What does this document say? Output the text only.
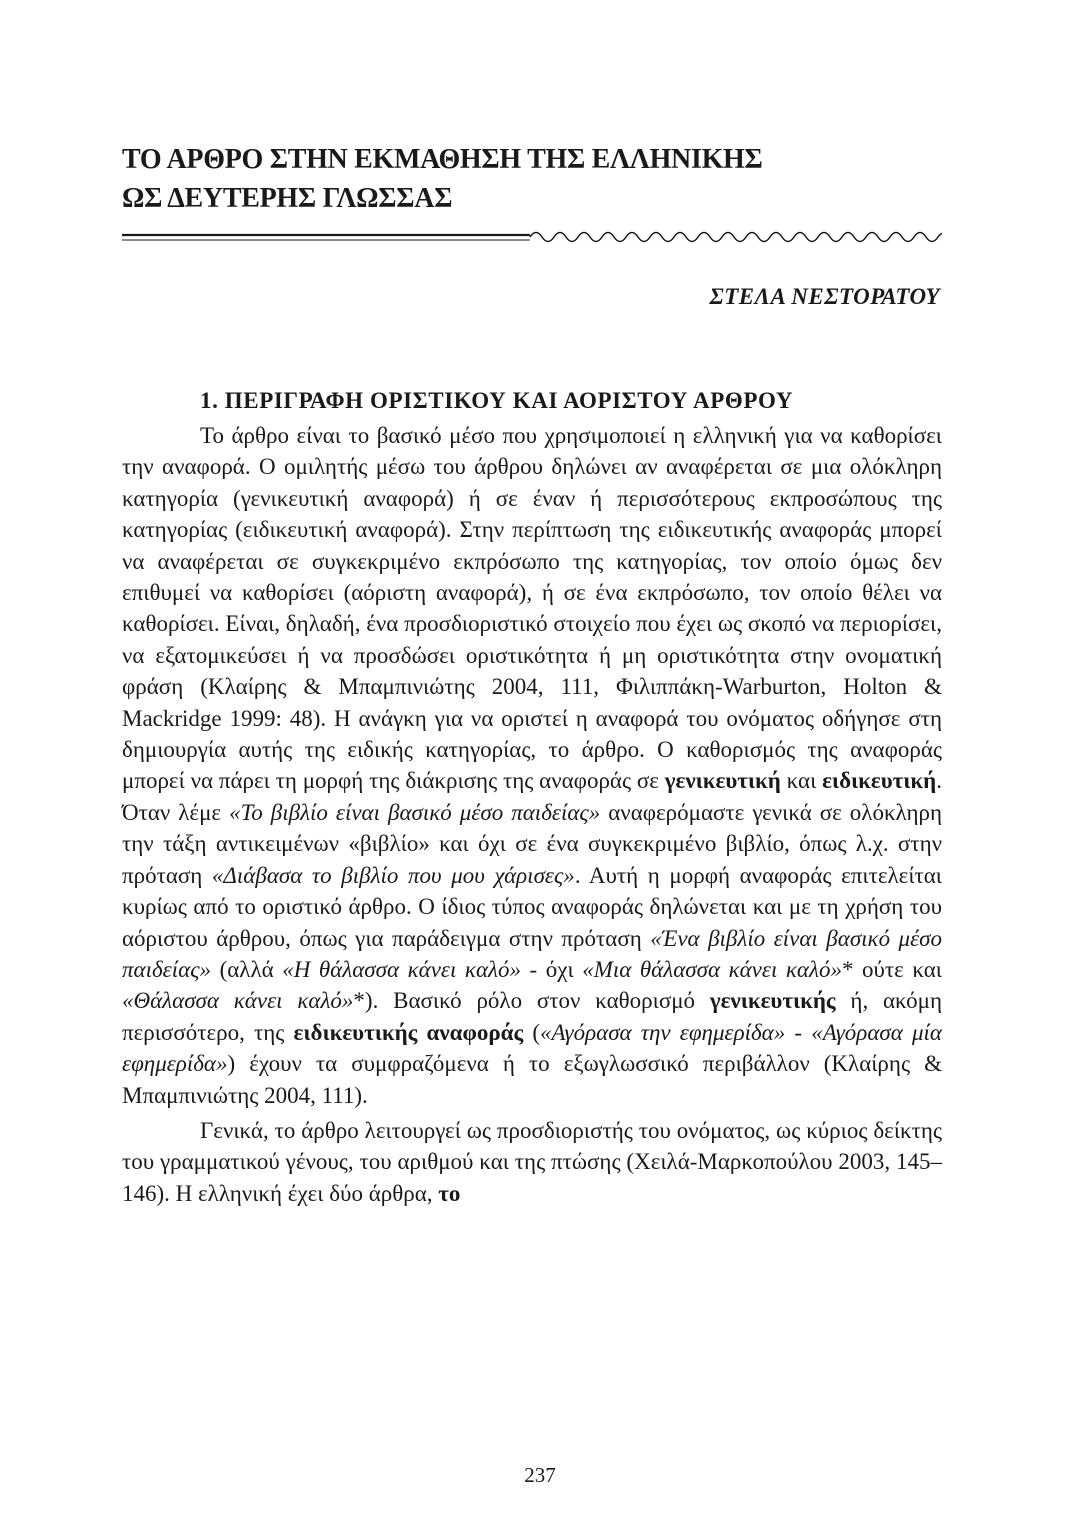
ΤΟ ΑΡΘΡΟ ΣΤΗΝ ΕΚΜΑΘΗΣΗ ΤΗΣ ΕΛΛΗΝΙΚΗΣ
ΩΣ ΔΕΥΤΕΡΗΣ ΓΛΩΣΣΑΣ
ΣΤΕΛΑ ΝΕΣΤΟΡΑΤΟΥ
1. ΠΕΡΙΓΡΑΦΗ ΟΡΙΣΤΙΚΟΥ ΚΑΙ ΑΟΡΙΣΤΟΥ ΑΡΘΡΟΥ

Το άρθρο είναι το βασικό μέσο που χρησιμοποιεί η ελληνική για να καθορίσει την αναφορά. Ο ομιλητής μέσω του άρθρου δηλώνει αν αναφέρεται σε μια ολόκληρη κατηγορία (γενικευτική αναφορά) ή σε έναν ή περισσότερους εκπροσώπους της κατηγορίας (ειδικευτική αναφορά). Στην περίπτωση της ειδικευτικής αναφοράς μπορεί να αναφέρεται σε συγκεκριμένο εκπρόσωπο της κατηγορίας, τον οποίο όμως δεν επιθυμεί να καθορίσει (αόριστη αναφορά), ή σε ένα εκπρόσωπο, τον οποίο θέλει να καθορίσει. Είναι, δηλαδή, ένα προσδιοριστικό στοιχείο που έχει ως σκοπό να περιορίσει, να εξατομικεύσει ή να προσδώσει οριστικότητα ή μη οριστικότητα στην ονοματική φράση (Κλαίρης & Μπαμπινιώτης 2004, 111, Φιλιππάκη-Warburton, Holton & Mackridge 1999: 48). Η ανάγκη για να οριστεί η αναφορά του ονόματος οδήγησε στη δημιουργία αυτής της ειδικής κατηγορίας, το άρθρο. Ο καθορισμός της αναφοράς μπορεί να πάρει τη μορφή της διάκρισης της αναφοράς σε γενικευτική και ειδικευτική. Όταν λέμε «Το βιβλίο είναι βασικό μέσο παιδείας» αναφερόμαστε γενικά σε ολόκληρη την τάξη αντικειμένων «βιβλίο» και όχι σε ένα συγκεκριμένο βιβλίο, όπως λ.χ. στην πρόταση «Διάβασα το βιβλίο που μου χάρισες». Αυτή η μορφή αναφοράς επιτελείται κυρίως από το οριστικό άρθρο. Ο ίδιος τύπος αναφοράς δηλώνεται και με τη χρήση του αόριστου άρθρου, όπως για παράδειγμα στην πρόταση «Ένα βιβλίο είναι βασικό μέσο παιδείας» (αλλά «Η θάλασσα κάνει καλό» - όχι «Μια θάλασσα κάνει καλό»* ούτε και «Θάλασσα κάνει καλό»*). Βασικό ρόλο στον καθορισμό γενικευτικής ή, ακόμη περισσότερο, της ειδικευτικής αναφοράς («Αγόρασα την εφημερίδα» - «Αγόρασα μία εφημερίδα») έχουν τα συμφραζόμενα ή το εξωγλωσσικό περιβάλλον (Κλαίρης & Μπαμπινιώτης 2004, 111).

Γενικά, το άρθρο λειτουργεί ως προσδιοριστής του ονόματος, ως κύριος δείκτης του γραμματικού γένους, του αριθμού και της πτώσης (Χειλά-Μαρκοπούλου 2003, 145–146). Η ελληνική έχει δύο άρθρα, το

237
